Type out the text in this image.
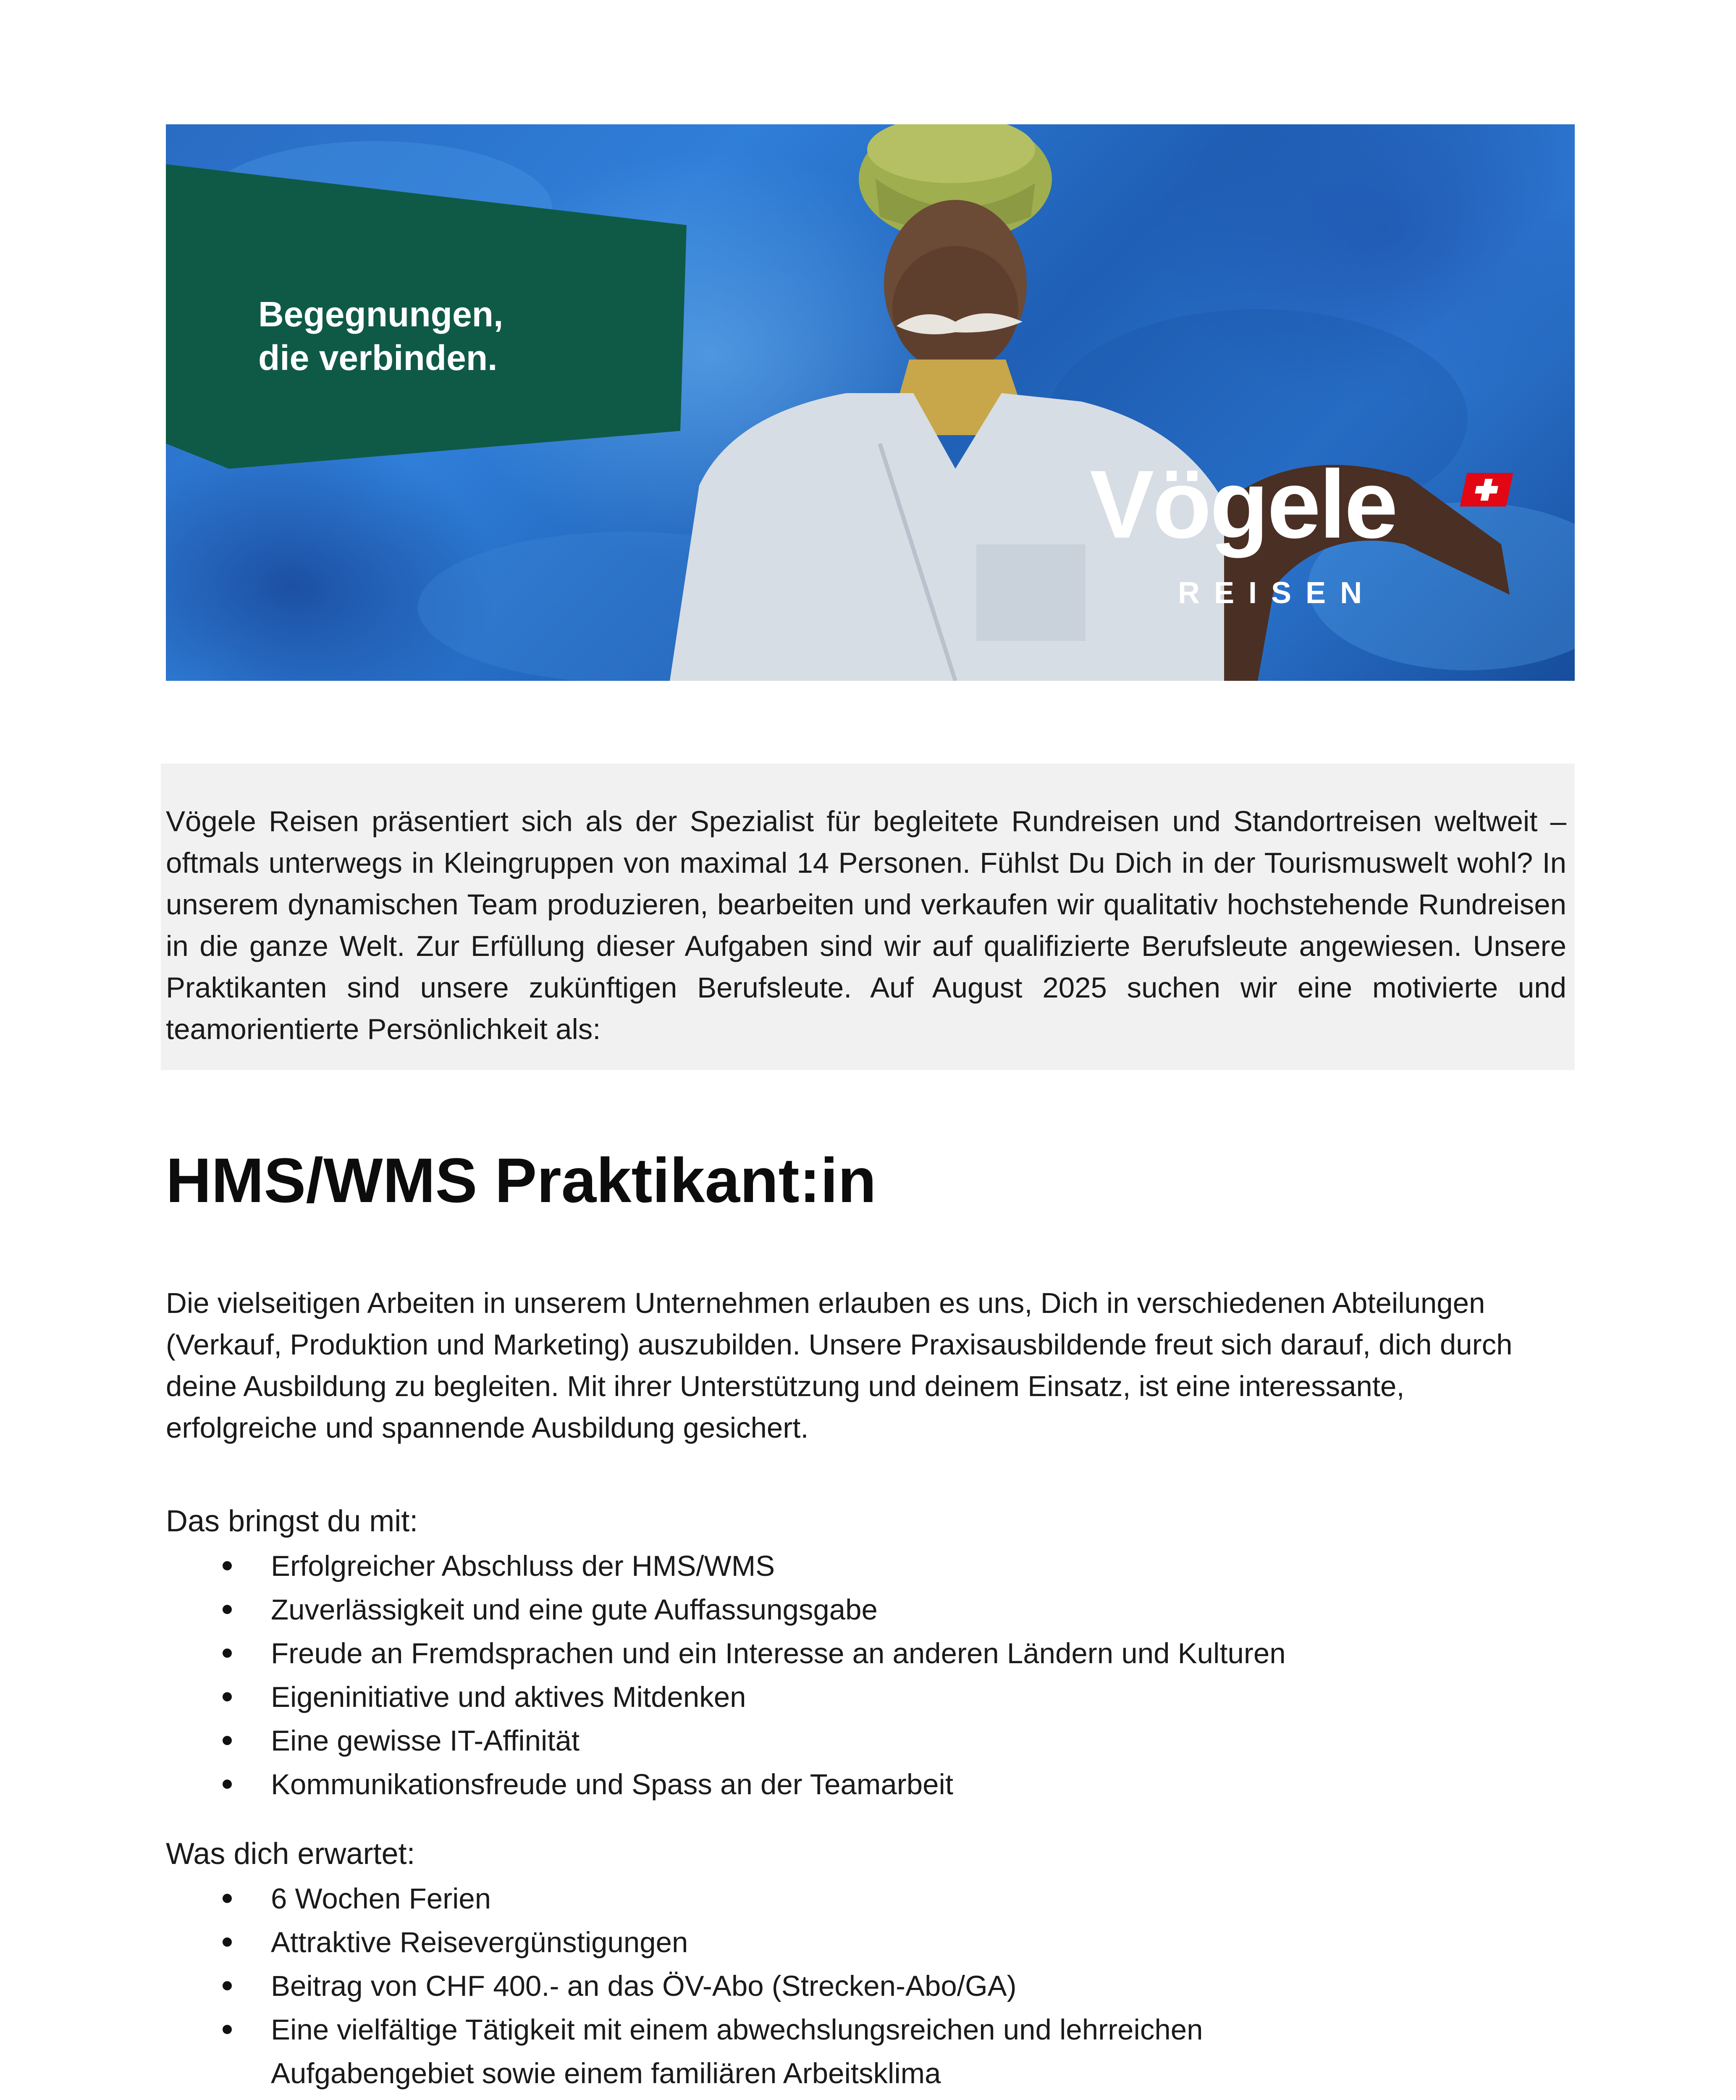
Begegnungen,
die verbinden.
Vögele
REISEN

Vögele Reisen präsentiert sich als der Spezialist für begleitete Rundreisen und Standortreisen weltweit – oftmals unterwegs in Kleingruppen von maximal 14 Personen. Fühlst Du Dich in der Tourismuswelt wohl? In unserem dynamischen Team produzieren, bearbeiten und verkaufen wir qualitativ hochstehende Rundreisen in die ganze Welt. Zur Erfüllung dieser Aufgaben sind wir auf qualifizierte Berufsleute angewiesen. Unsere Praktikanten sind unsere zukünftigen Berufsleute. Auf August 2025 suchen wir eine motivierte und teamorientierte Persönlichkeit als:

HMS/WMS Praktikant:in

Die vielseitigen Arbeiten in unserem Unternehmen erlauben es uns, Dich in verschiedenen Abteilungen (Verkauf, Produktion und Marketing) auszubilden. Unsere Praxisausbildende freut sich darauf, dich durch deine Ausbildung zu begleiten. Mit ihrer Unterstützung und deinem Einsatz, ist eine interessante, erfolgreiche und spannende Ausbildung gesichert.

Das bringst du mit:

Erfolgreicher Abschluss der HMS/WMS
Zuverlässigkeit und eine gute Auffassungsgabe
Freude an Fremdsprachen und ein Interesse an anderen Ländern und Kulturen
Eigeninitiative und aktives Mitdenken
Eine gewisse IT-Affinität
Kommunikationsfreude und Spass an der Teamarbeit

Was dich erwartet:

6 Wochen Ferien
Attraktive Reisevergünstigungen
Beitrag von CHF 400.- an das ÖV-Abo (Strecken-Abo/GA)
Eine vielfältige Tätigkeit mit einem abwechslungsreichen und lehrreichen Aufgabengebiet sowie einem familiären Arbeitsklima
